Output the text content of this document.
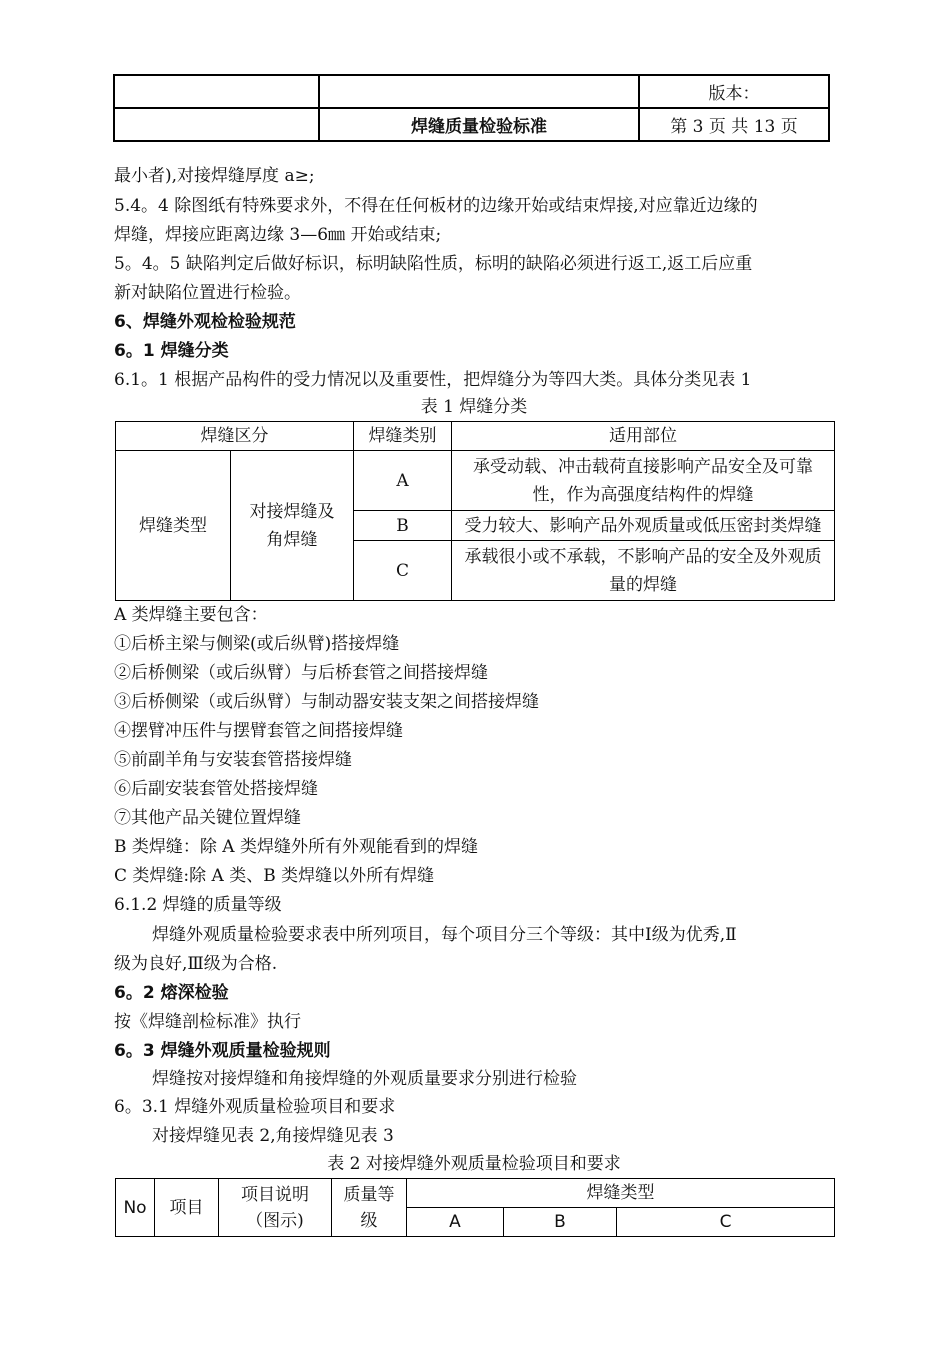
		版本：
	焊缝质量检验标准	第 3 页 共 13 页
最小者),对接焊缝厚度 a≥;
5.4。4 除图纸有特殊要求外，不得在任何板材的边缘开始或结束焊接,对应靠近边缘的
焊缝，焊接应距离边缘 3—6㎜ 开始或结束;
5。4。5 缺陷判定后做好标识，标明缺陷性质，标明的缺陷必须进行返工,返工后应重
新对缺陷位置进行检验。
6、焊缝外观检检验规范
6。1 焊缝分类
6.1。1 根据产品构件的受力情况以及重要性，把焊缝分为等四大类。具体分类见表 1
表 1 焊缝分类
焊缝区分		焊缝类别	适用部位
焊缝类型	对接焊缝及角焊缝	A	承受动载、冲击载荷直接影响产品安全及可靠性，作为高强度结构件的焊缝
		B	受力较大、影响产品外观质量或低压密封类焊缝
		C	承载很小或不承载，不影响产品的安全及外观质量的焊缝
A 类焊缝主要包含：
①后桥主梁与侧梁(或后纵臂)搭接焊缝
②后桥侧梁（或后纵臂）与后桥套管之间搭接焊缝
③后桥侧梁（或后纵臂）与制动器安装支架之间搭接焊缝
④摆臂冲压件与摆臂套管之间搭接焊缝
⑤前副羊角与安装套管搭接焊缝
⑥后副安装套管处搭接焊缝
⑦其他产品关键位置焊缝
B 类焊缝：除 A 类焊缝外所有外观能看到的焊缝
C 类焊缝:除 A 类、B 类焊缝以外所有焊缝
6.1.2 焊缝的质量等级
焊缝外观质量检验要求表中所列项目，每个项目分三个等级：其中Ⅰ级为优秀,Ⅱ
级为良好,Ⅲ级为合格.
6。2 熔深检验
按《焊缝剖检标准》执行
6。3 焊缝外观质量检验规则
焊缝按对接焊缝和角接焊缝的外观质量要求分别进行检验
6。3.1 焊缝外观质量检验项目和要求
对接焊缝见表 2,角接焊缝见表 3
表 2 对接焊缝外观质量检验项目和要求
No	项目	项目说明（图示)	质量等级	焊缝类型		
				A	B	C
